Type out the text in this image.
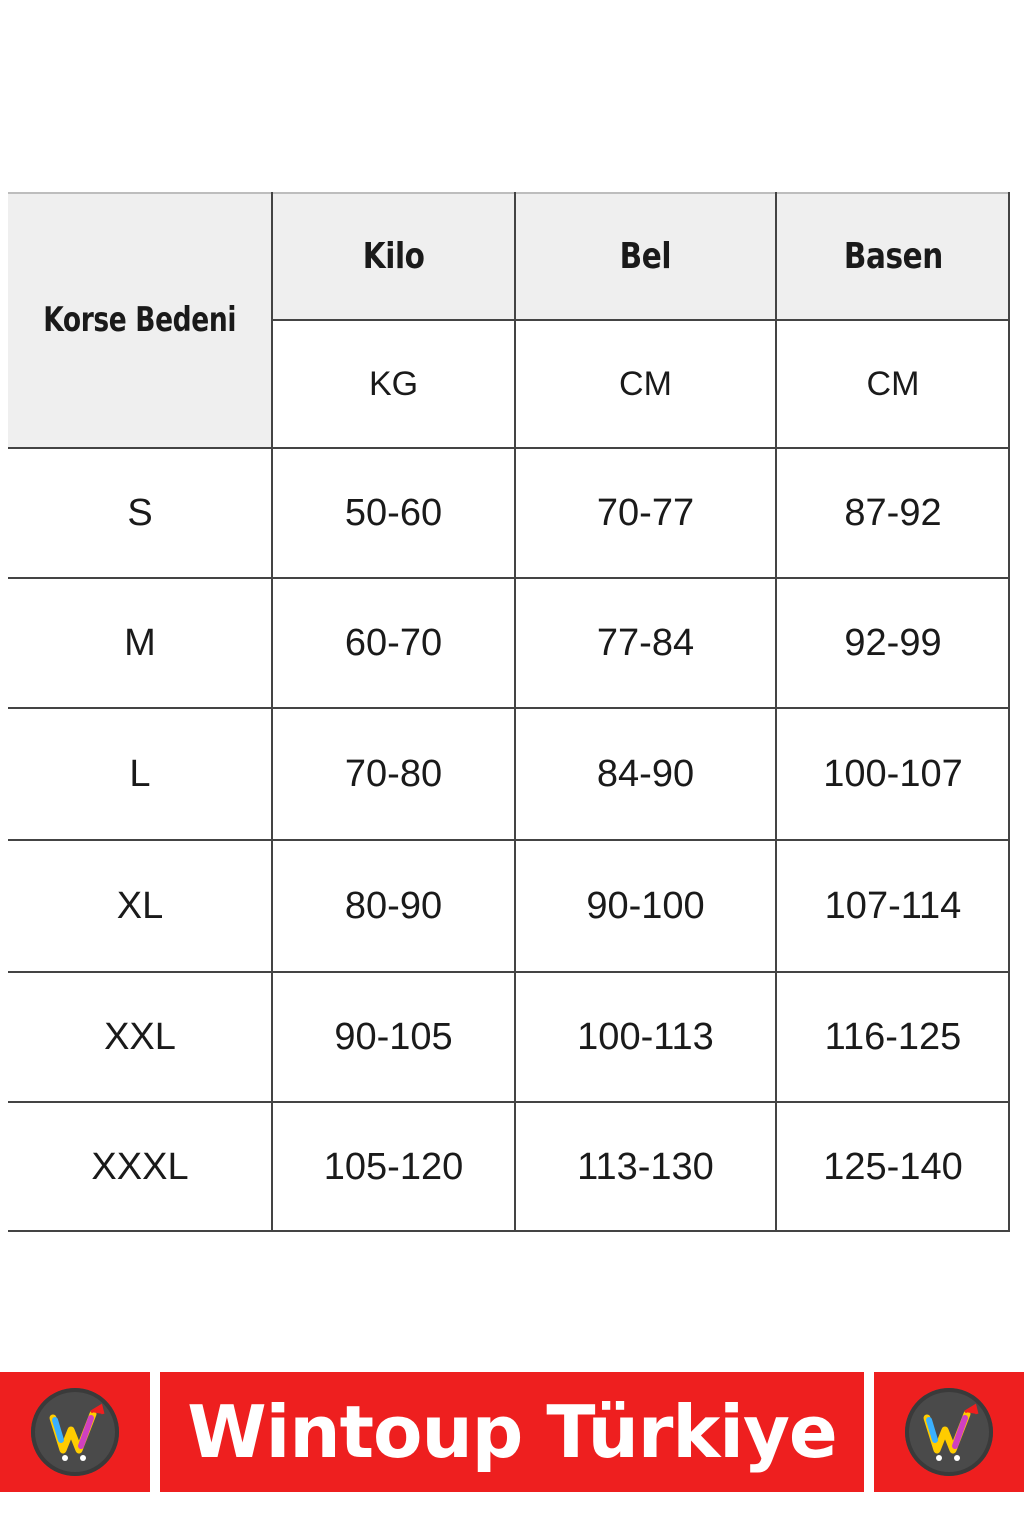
Korse Bedeni
Kilo	Bel	Basen
KG	CM	CM
S	50-60	70-77	87-92
M	60-70	77-84	92-99
L	70-80	84-90	100-107
XL	80-90	90-100	107-114
XXL	90-105	100-113	116-125
XXXL	105-120	113-130	125-140
Wintoup Türkiye
